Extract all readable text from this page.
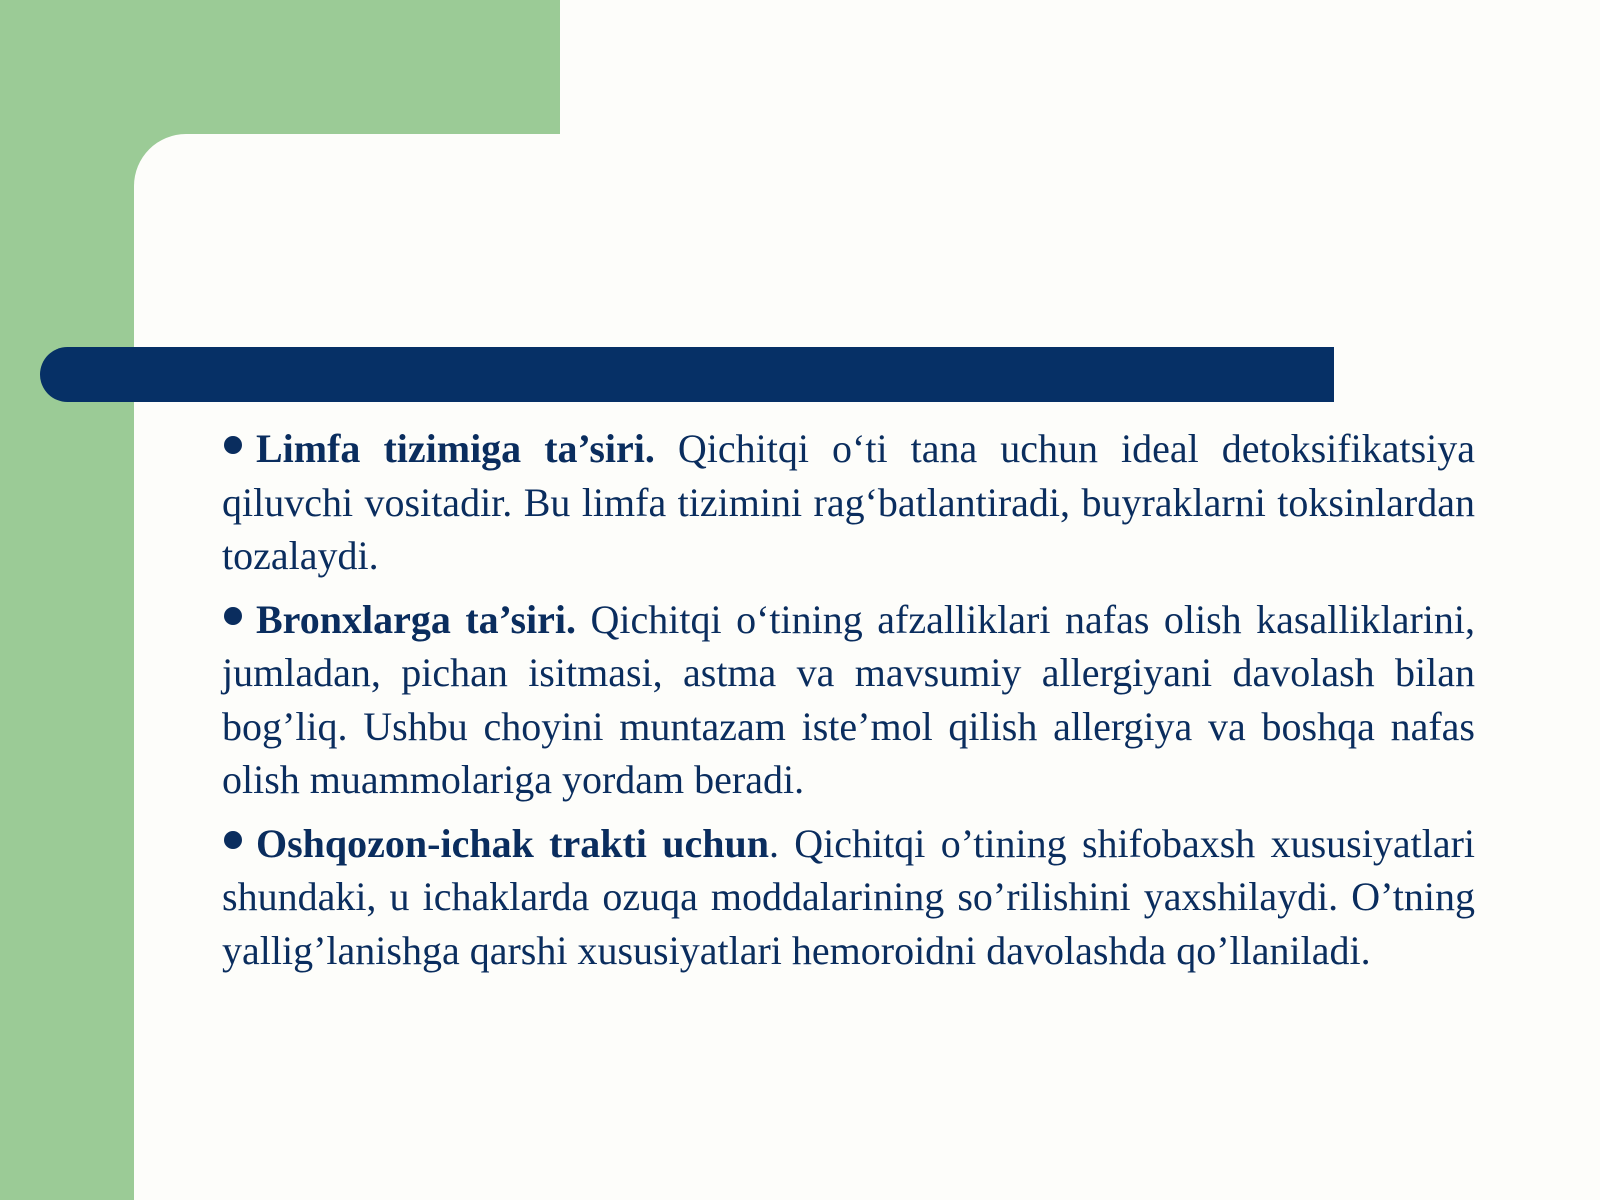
Limfa tizimiga ta’siri. Qichitqi o‘ti tana uchun ideal detoksifikatsiya qiluvchi vositadir. Bu limfa tizimini rag‘batlantiradi, buyraklarni toksinlardan tozalaydi.
Bronxlarga ta’siri. Qichitqi o‘tining afzalliklari nafas olish kasalliklarini, jumladan, pichan isitmasi, astma va mavsumiy allergiyani davolash bilan bog’liq. Ushbu choyini muntazam iste’mol qilish allergiya va boshqa nafas olish muammolariga yordam beradi.
Oshqozon-ichak trakti uchun. Qichitqi o’tining shifobaxsh xususiyatlari shundaki, u ichaklarda ozuqa moddalarining so’rilishini yaxshilaydi. O’tning yallig’lanishga qarshi xususiyatlari hemoroidni davolashda qo’llaniladi.
